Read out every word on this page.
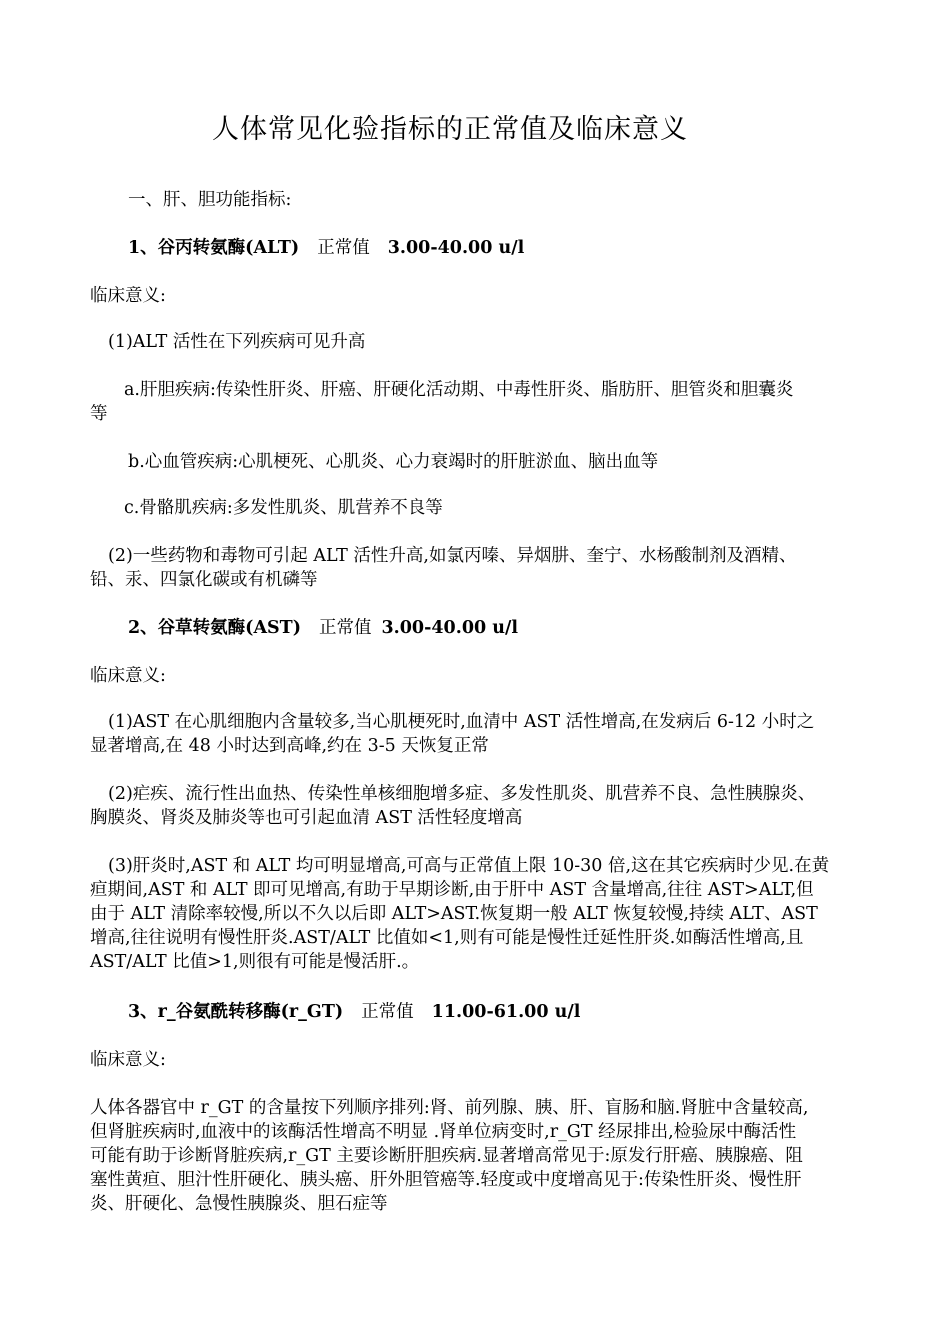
人体常见化验指标的正常值及临床意义
一、肝、胆功能指标:
1、谷丙转氨酶(ALT) 正常值 3.00-40.00 u/l
临床意义:
(1)ALT 活性在下列疾病可见升高
a.肝胆疾病:传染性肝炎、肝癌、肝硬化活动期、中毒性肝炎、脂肪肝、胆管炎和胆囊炎
等
b.心血管疾病:心肌梗死、心肌炎、心力衰竭时的肝脏淤血、脑出血等
c.骨骼肌疾病:多发性肌炎、肌营养不良等
(2)一些药物和毒物可引起 ALT 活性升高,如氯丙嗪、异烟肼、奎宁、水杨酸制剂及酒精、
铅、汞、四氯化碳或有机磷等
2、谷草转氨酶(AST) 正常值 3.00-40.00 u/l
临床意义:
(1)AST 在心肌细胞内含量较多,当心肌梗死时,血清中 AST 活性增高,在发病后 6-12 小时之
显著增高,在 48 小时达到高峰,约在 3-5 天恢复正常
(2)疟疾、流行性出血热、传染性单核细胞增多症、多发性肌炎、肌营养不良、急性胰腺炎、
胸膜炎、肾炎及肺炎等也可引起血清 AST 活性轻度增高
(3)肝炎时,AST 和 ALT 均可明显增高,可高与正常值上限 10-30 倍,这在其它疾病时少见.在黄
疸期间,AST 和 ALT 即可见增高,有助于早期诊断,由于肝中 AST 含量增高,往往 AST>ALT,但
由于 ALT 清除率较慢,所以不久以后即 ALT>AST.恢复期一般 ALT 恢复较慢,持续 ALT、AST
增高,往往说明有慢性肝炎.AST/ALT 比值如<1,则有可能是慢性迁延性肝炎.如酶活性增高,且
AST/ALT 比值>1,则很有可能是慢活肝.。
3、r_谷氨酰转移酶(r_GT) 正常值 11.00-61.00 u/l
临床意义:
人体各器官中 r_GT 的含量按下列顺序排列:肾、前列腺、胰、肝、盲肠和脑.肾脏中含量较高,
但肾脏疾病时,血液中的该酶活性增高不明显 .肾单位病变时,r_GT 经尿排出,检验尿中酶活性
可能有助于诊断肾脏疾病,r_GT 主要诊断肝胆疾病.显著增高常见于:原发行肝癌、胰腺癌、阻
塞性黄疸、胆汁性肝硬化、胰头癌、肝外胆管癌等.轻度或中度增高见于:传染性肝炎、慢性肝
炎、肝硬化、急慢性胰腺炎、胆石症等
